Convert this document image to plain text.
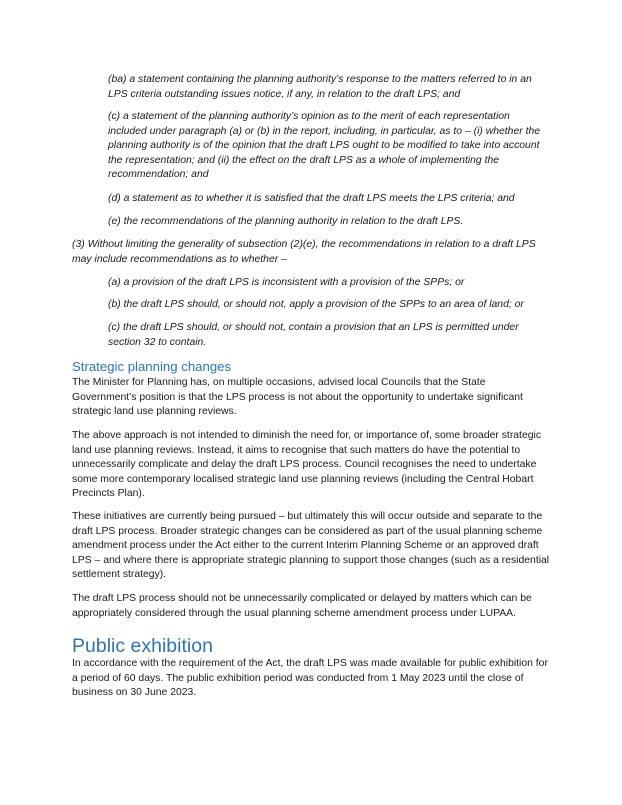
(ba) a statement containing the planning authority’s response to the matters referred to in an LPS criteria outstanding issues notice, if any, in relation to the draft LPS; and

(c) a statement of the planning authority’s opinion as to the merit of each representation included under paragraph (a) or (b) in the report, including, in particular, as to – (i) whether the planning authority is of the opinion that the draft LPS ought to be modified to take into account the representation; and (ii) the effect on the draft LPS as a whole of implementing the recommendation; and

(d) a statement as to whether it is satisfied that the draft LPS meets the LPS criteria; and

(e) the recommendations of the planning authority in relation to the draft LPS.

(3) Without limiting the generality of subsection (2)(e), the recommendations in relation to a draft LPS may include recommendations as to whether –

(a) a provision of the draft LPS is inconsistent with a provision of the SPPs; or

(b) the draft LPS should, or should not, apply a provision of the SPPs to an area of land; or

(c) the draft LPS should, or should not, contain a provision that an LPS is permitted under section 32 to contain.

Strategic planning changes

The Minister for Planning has, on multiple occasions, advised local Councils that the State Government’s position is that the LPS process is not about the opportunity to undertake significant strategic land use planning reviews.

The above approach is not intended to diminish the need for, or importance of, some broader strategic land use planning reviews. Instead, it aims to recognise that such matters do have the potential to unnecessarily complicate and delay the draft LPS process. Council recognises the need to undertake some more contemporary localised strategic land use planning reviews (including the Central Hobart Precincts Plan).

These initiatives are currently being pursued – but ultimately this will occur outside and separate to the draft LPS process. Broader strategic changes can be considered as part of the usual planning scheme amendment process under the Act either to the current Interim Planning Scheme or an approved draft LPS – and where there is appropriate strategic planning to support those changes (such as a residential settlement strategy).

The draft LPS process should not be unnecessarily complicated or delayed by matters which can be appropriately considered through the usual planning scheme amendment process under LUPAA.

Public exhibition

In accordance with the requirement of the Act, the draft LPS was made available for public exhibition for a period of 60 days. The public exhibition period was conducted from 1 May 2023 until the close of business on 30 June 2023.
